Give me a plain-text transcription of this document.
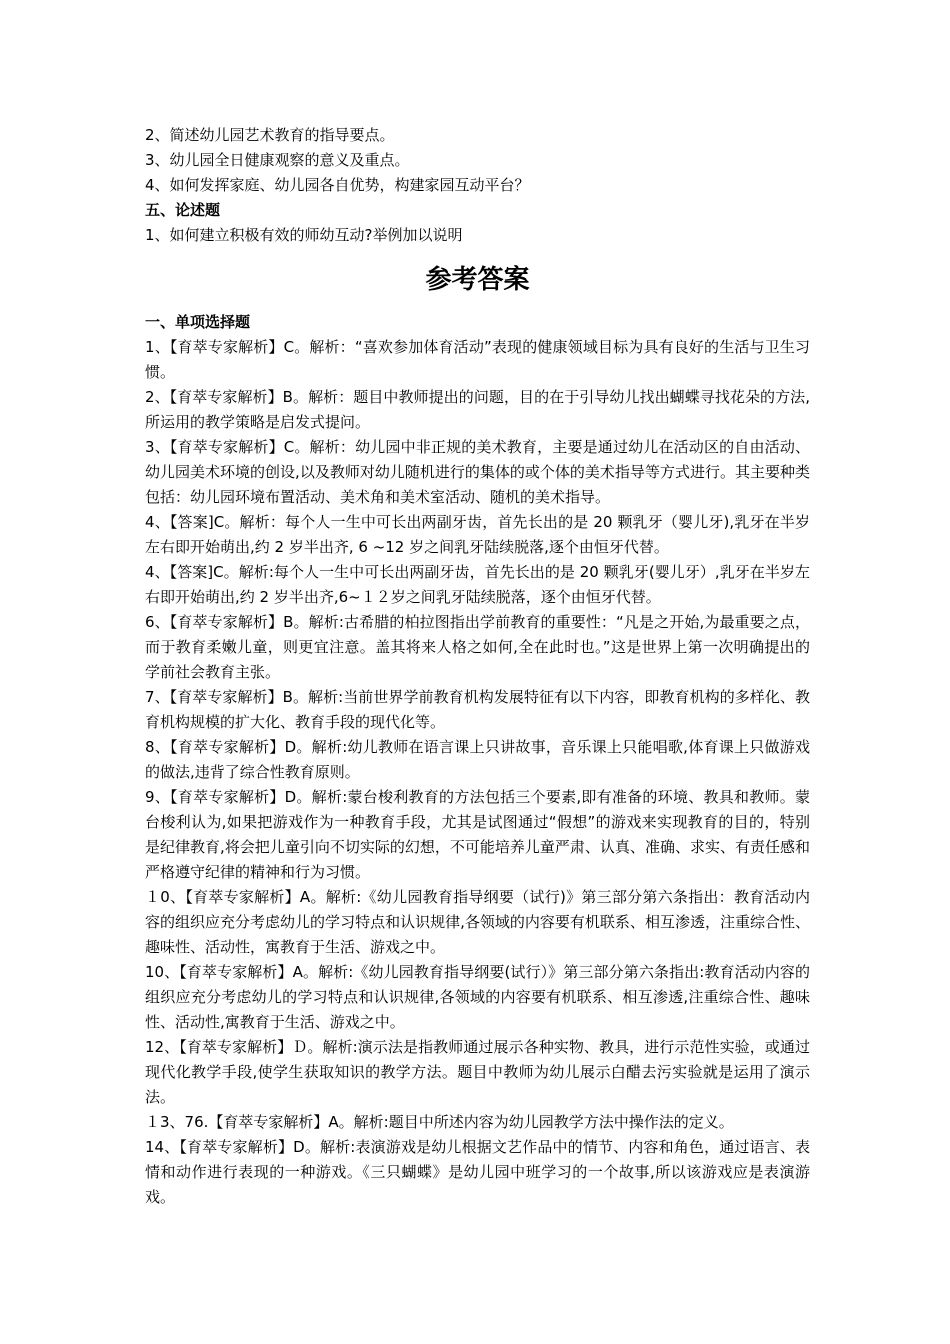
2、简述幼儿园艺术教育的指导要点。

3、幼儿园全日健康观察的意义及重点。

4、如何发挥家庭、幼儿园各自优势，构建家园互动平台？

五、论述题

1、如何建立积极有效的师幼互动?举例加以说明

参考答案

一、单项选择题

1、【育萃专家解析】C。解析：“喜欢参加体育活动”表现的健康领域目标为具有良好的生活与卫生习惯。

2、【育萃专家解析】B。解析：题目中教师提出的问题，目的在于引导幼儿找出蝴蝶寻找花朵的方法,所运用的教学策略是启发式提问。

3、【育萃专家解析】C。解析：幼儿园中非正规的美术教育，主要是通过幼儿在活动区的自由活动、幼儿园美术环境的创设,以及教师对幼儿随机进行的集体的或个体的美术指导等方式进行。其主要种类包括：幼儿园环境布置活动、美术角和美术室活动、随机的美术指导。

4、【答案]C。解析：每个人一生中可长出两副牙齿，首先长出的是 20 颗乳牙（婴儿牙),乳牙在半岁左右即开始萌出,约 2 岁半出齐, 6 ~12 岁之间乳牙陆续脱落,逐个由恒牙代替。

4、【答案]C。解析:每个人一生中可长出两副牙齿，首先长出的是 20 颗乳牙(婴儿牙）,乳牙在半岁左右即开始萌出,约 2 岁半出齐,6~１２岁之间乳牙陆续脱落，逐个由恒牙代替。

6、【育萃专家解析】B。解析:古希腊的柏拉图指出学前教育的重要性：“凡是之开始,为最重要之点，而于教育柔嫩儿童，则更宜注意。盖其将来人格之如何,全在此时也。”这是世界上第一次明确提出的学前社会教育主张。

7、【育萃专家解析】B。解析:当前世界学前教育机构发展特征有以下内容，即教育机构的多样化、教育机构规模的扩大化、教育手段的现代化等。

8、【育萃专家解析】D。解析:幼儿教师在语言课上只讲故事，音乐课上只能唱歌,体育课上只做游戏的做法,违背了综合性教育原则。

9、【育萃专家解析】D。解析:蒙台梭利教育的方法包括三个要素,即有准备的环境、教具和教师。蒙台梭利认为,如果把游戏作为一种教育手段，尤其是试图通过“假想”的游戏来实现教育的目的，特别是纪律教育,将会把儿童引向不切实际的幻想，不可能培养儿童严肃、认真、准确、求实、有责任感和严格遵守纪律的精神和行为习惯。

１0、【育萃专家解析】A。解析:《幼儿园教育指导纲要（试行)》第三部分第六条指出：教育活动内容的组织应充分考虑幼儿的学习特点和认识规律,各领域的内容要有机联系、相互渗透，注重综合性、趣味性、活动性，寓教育于生活、游戏之中。

10、【育萃专家解析】A。解析:《幼儿园教育指导纲要(试行）》第三部分第六条指出:教育活动内容的组织应充分考虑幼儿的学习特点和认识规律,各领域的内容要有机联系、相互渗透,注重综合性、趣味性、活动性,寓教育于生活、游戏之中。

12、【育萃专家解析】Ｄ。解析:演示法是指教师通过展示各种实物、教具，进行示范性实验，或通过现代化教学手段,使学生获取知识的教学方法。题目中教师为幼儿展示白醋去污实验就是运用了演示法。

１3、76.【育萃专家解析】A。解析:题目中所述内容为幼儿园教学方法中操作法的定义。

14、【育萃专家解析】D。解析:表演游戏是幼儿根据文艺作品中的情节、内容和角色，通过语言、表情和动作进行表现的一种游戏。《三只蝴蝶》是幼儿园中班学习的一个故事,所以该游戏应是表演游戏。
